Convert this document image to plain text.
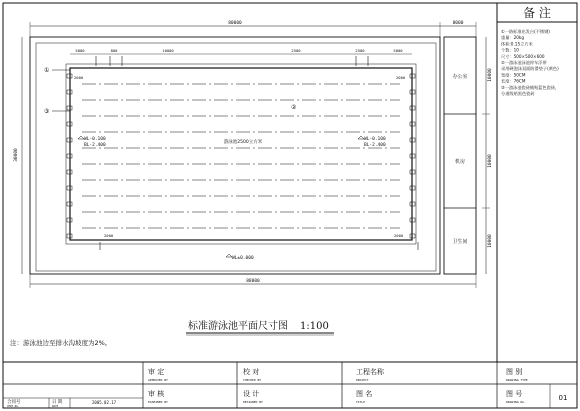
备 注
①一防标准出发台(不锈钢)
重量：20kg
体积:0.15立方米
个数：10
尺寸：500×500×600
②一游泳池泳池停车浮带
采用硬泡沫双面防滑垫子(黄色)
宽度：50CM
长度：76CM
③一游泳池瓷砖铺贴蓝色瓷砖，
分道线贴黑色瓷砖
办公室
机房
卫生间
游泳池2500立方米
WL-0.100
BL-2.400
WL-0.100
BL-2.400
WL±0.000
①
③
②
80000	8000
5000	800	10000	2500	2500	5000
2000	2000
2000	2000
88000
30000
10000
10000
10000
标准游泳池平面尺寸图 1:100
注：游泳池边至排水沟坡度为2%。
审 定
APPROVED BY
校 对
CHECKED BY
工程名称
PROJECT
图 别
DRAWING TYPE
审 核
EXAMINED BY
设 计
DESIGNED BY
图 名
TITLE
图 号
DRAWING No.	01
合同号
CERT.No.
日 期
DATE
2005.02.17
